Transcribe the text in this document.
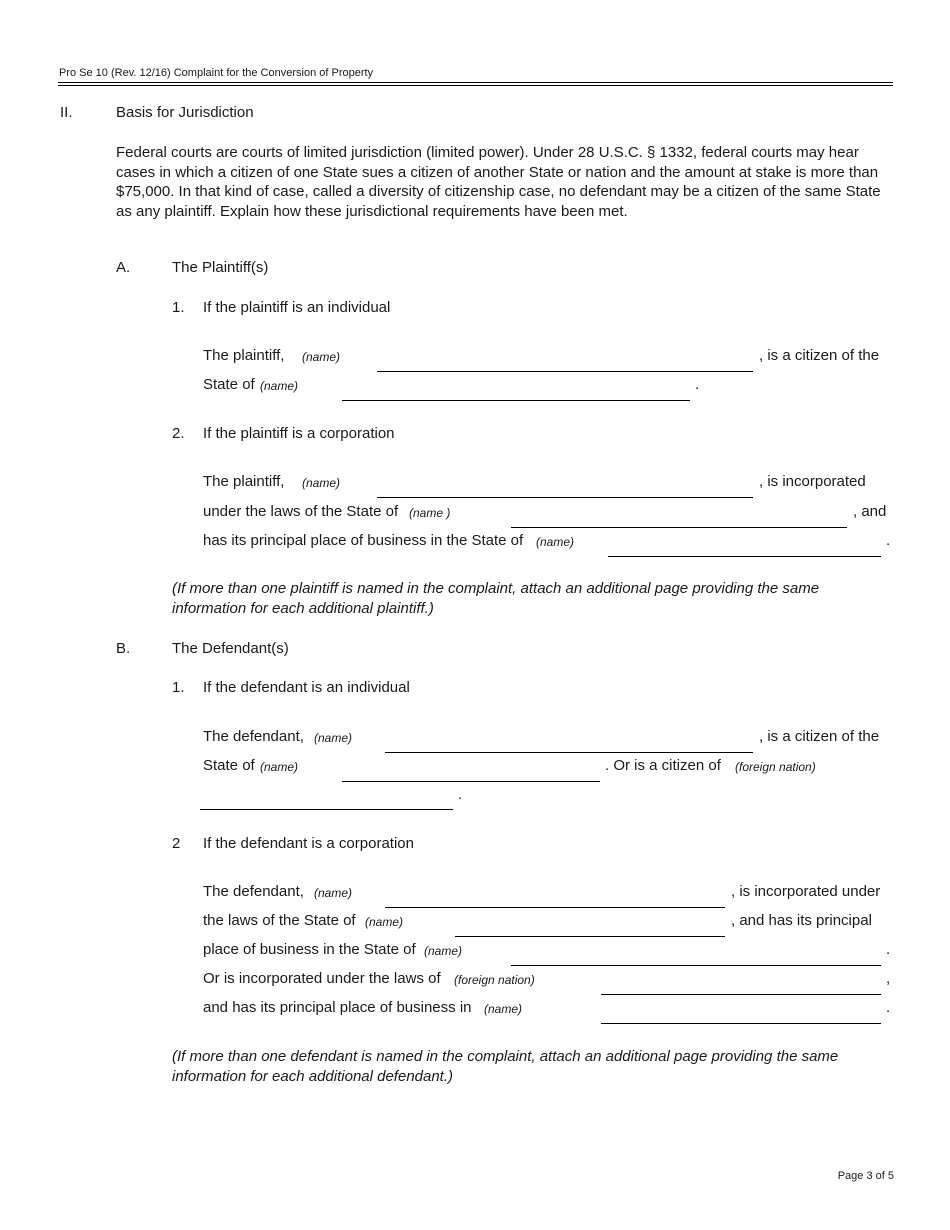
Pro Se 10 (Rev. 12/16) Complaint for the Conversion of Property
II.	Basis for Jurisdiction
Federal courts are courts of limited jurisdiction (limited power). Under 28 U.S.C. § 1332, federal courts may hear cases in which a citizen of one State sues a citizen of another State or nation and the amount at stake is more than $75,000. In that kind of case, called a diversity of citizenship case, no defendant may be a citizen of the same State as any plaintiff. Explain how these jurisdictional requirements have been met.
A.	The Plaintiff(s)
1. If the plaintiff is an individual
The plaintiff, (name)	, is a citizen of the
State of (name)	.
2. If the plaintiff is a corporation
The plaintiff, (name)	, is incorporated
under the laws of the State of (name )	, and
has its principal place of business in the State of (name)	.
(If more than one plaintiff is named in the complaint, attach an additional page providing the same information for each additional plaintiff.)
B.	The Defendant(s)
1. If the defendant is an individual
The defendant, (name)	, is a citizen of the
State of (name)	. Or is a citizen of (foreign nation)
.
2 If the defendant is a corporation
The defendant, (name)	, is incorporated under
the laws of the State of (name)	, and has its principal
place of business in the State of (name)	.
Or is incorporated under the laws of (foreign nation)	,
and has its principal place of business in (name)	.
(If more than one defendant is named in the complaint, attach an additional page providing the same information for each additional defendant.)
Page 3 of 5
